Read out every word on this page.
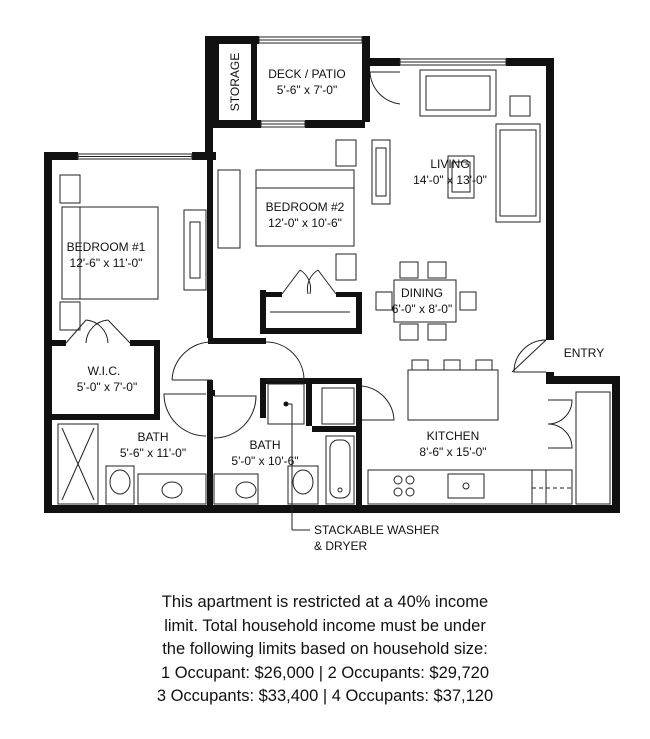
STORAGE DECK / PATIO
5'-6" x 7'-0"
LIVING
14'-0" x 13'-0"
BEDROOM #2
12'-0" x 10'-6"
BEDROOM #1
12'-6" x 11'-0"
DINING
6'-0" x 8'-0"
W.I.C.
5'-0" x 7'-0"
ENTRY
BATH
5'-6" x 11'-0"
BATH
5'-0" x 10'-6"
KITCHEN
8'-6" x 15'-0"
STACKABLE WASHER
& DRYER

This apartment is restricted at a 40% income

limit. Total household income must be under

the following limits based on household size:

1 Occupant: $26,000 | 2 Occupants: $29,720

3 Occupants: $33,400 | 4 Occupants: $37,120
